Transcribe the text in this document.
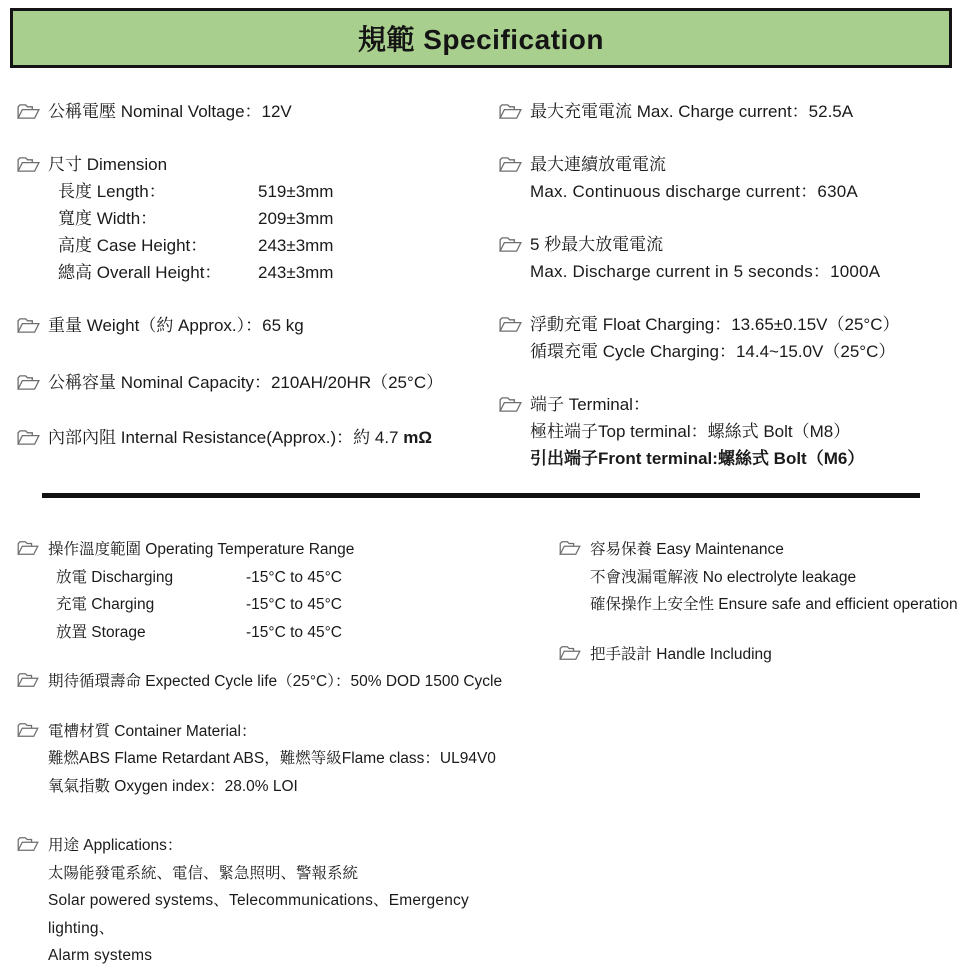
規範 Specification
公稱電壓 Nominal Voltage：12V
尺寸 Dimension
長度 Length：	519±3mm
寬度 Width：	209±3mm
高度 Case Height：	243±3mm
總高 Overall Height：	243±3mm
重量 Weight（約 Approx.）：65 kg
公稱容量 Nominal Capacity：210AH/20HR（25°C）
內部內阻 Internal Resistance(Approx.)：約 4.7 mΩ
最大充電電流 Max. Charge current：52.5A
最大連續放電電流
Max. Continuous discharge current：630A
5 秒最大放電電流
Max. Discharge current in 5 seconds：1000A
浮動充電 Float Charging：13.65±0.15V（25°C）
循環充電 Cycle Charging：14.4~15.0V（25°C）
端子 Terminal：
極柱端子Top terminal：螺絲式 Bolt（M8）
引出端子Front terminal:螺絲式 Bolt（M6）
操作溫度範圍 Operating Temperature Range
放電 Discharging	-15°C to 45°C
充電 Charging	-15°C to 45°C
放置 Storage	-15°C to 45°C
期待循環壽命 Expected Cycle life（25°C）：50% DOD 1500 Cycle
電槽材質 Container Material：
難燃ABS Flame Retardant ABS，難燃等級Flame class：UL94V0
氧氣指數 Oxygen index：28.0% LOI
用途 Applications：
太陽能發電系統、電信、緊急照明、警報系統
Solar powered systems、Telecommunications、Emergency lighting、
Alarm systems
容易保養 Easy Maintenance
不會洩漏電解液 No electrolyte leakage
確保操作上安全性 Ensure safe and efficient operation
把手設計 Handle Including
